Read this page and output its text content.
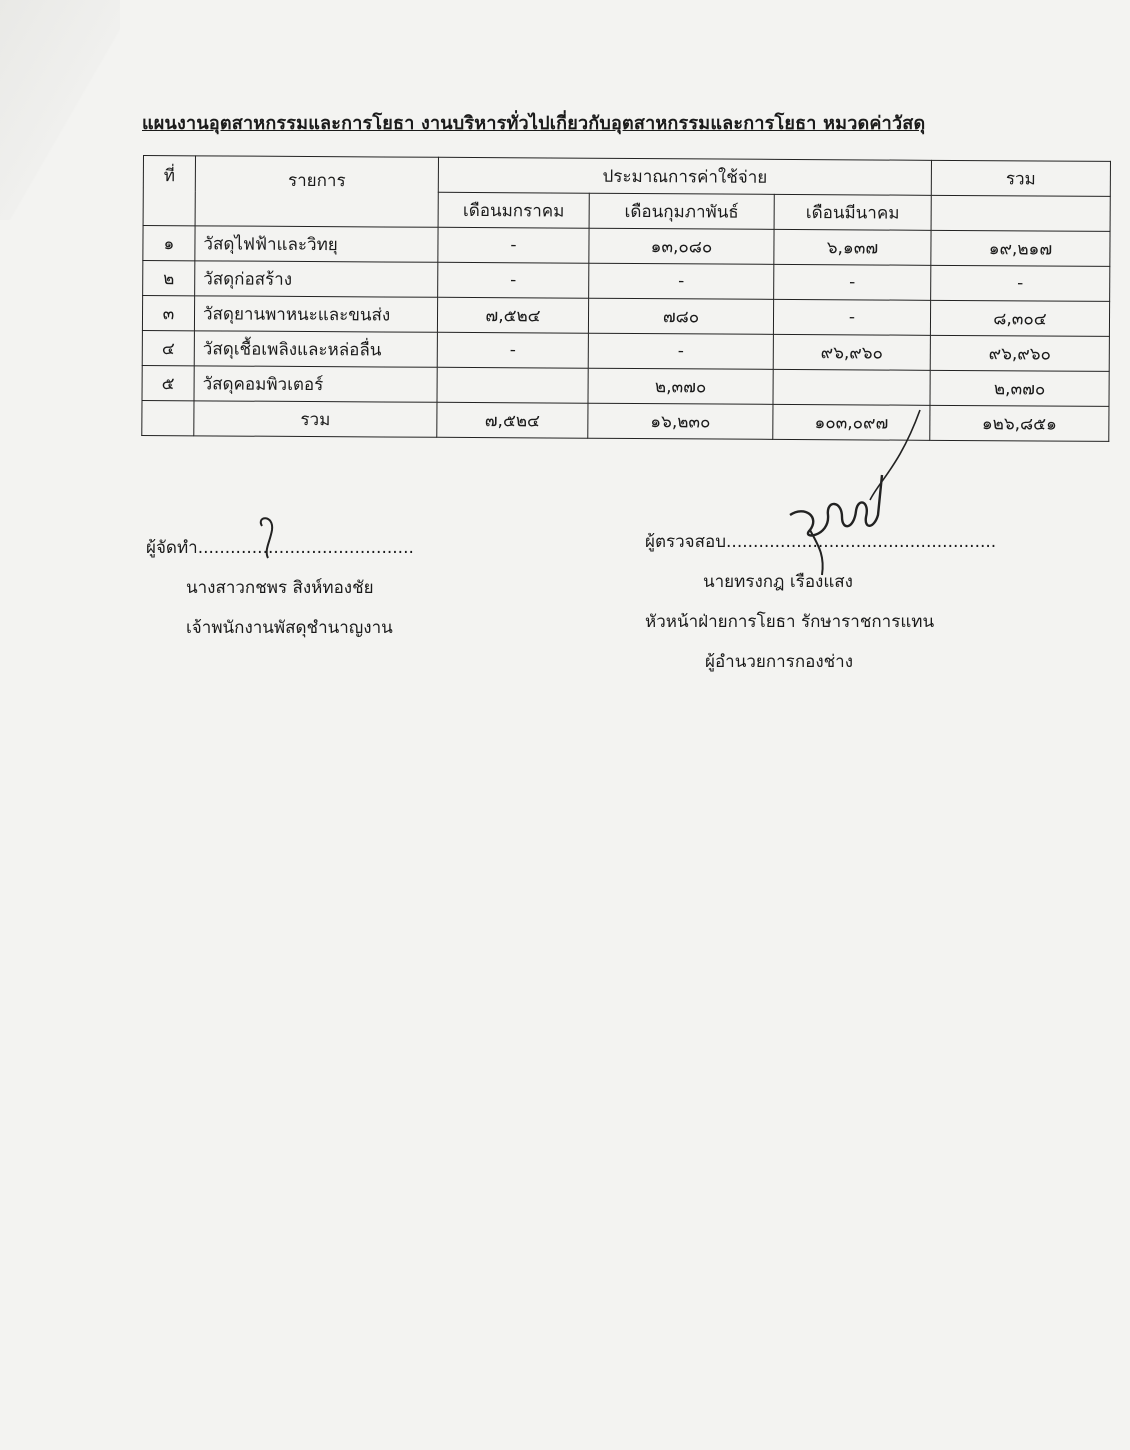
แผนงานอุตสาหกรรมและการโยธา งานบริหารทั่วไปเกี่ยวกับอุตสาหกรรมและการโยธา หมวดค่าวัสดุ
ที่	รายการ	ประมาณการค่าใช้จ่าย			รวม
		เดือนมกราคม	เดือนกุมภาพันธ์	เดือนมีนาคม	
๑	วัสดุไฟฟ้าและวิทยุ	-	๑๓,๐๘๐	๖,๑๓๗	๑๙,๒๑๗
๒	วัสดุก่อสร้าง	-	-	-	-
๓	วัสดุยานพาหนะและขนส่ง	๗,๕๒๔	๗๘๐	-	๘,๓๐๔
๔	วัสดุเชื้อเพลิงและหล่อลื่น	-	-	๙๖,๙๖๐	๙๖,๙๖๐
๕	วัสดุคอมพิวเตอร์		๒,๓๗๐		๒,๓๗๐
	รวม	๗,๕๒๔	๑๖,๒๓๐	๑๐๓,๐๙๗	๑๒๖,๘๕๑
ผู้จัดทำ........................................
นางสาวกชพร สิงห์ทองชัย
เจ้าพนักงานพัสดุชำนาญงาน
ผู้ตรวจสอบ..................................................
นายทรงกฎ เรืองแสง
หัวหน้าฝ่ายการโยธา รักษาราชการแทน
ผู้อำนวยการกองช่าง
